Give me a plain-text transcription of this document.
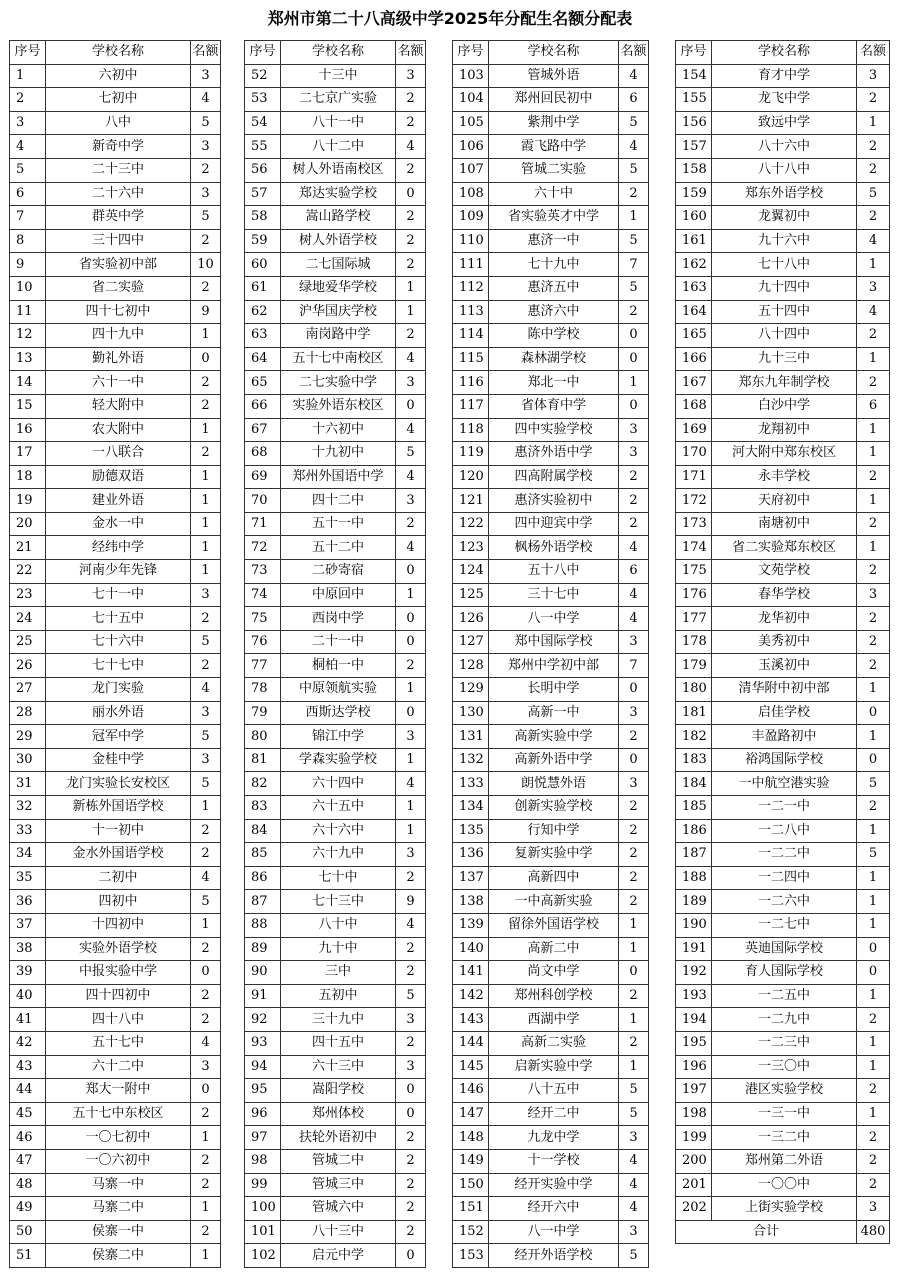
郑州市第二十八高级中学2025年分配生名额分配表
序号	学校名称	名额
1	六初中	3
2	七初中	4
3	八中	5
4	新奇中学	3
5	二十三中	2
6	二十六中	3
7	群英中学	5
8	三十四中	2
9	省实验初中部	10
10	省二实验	2
11	四十七初中	9
12	四十九中	1
13	勤礼外语	0
14	六十一中	2
15	轻大附中	2
16	农大附中	1
17	一八联合	2
18	励德双语	1
19	建业外语	1
20	金水一中	1
21	经纬中学	1
22	河南少年先锋	1
23	七十一中	3
24	七十五中	2
25	七十六中	5
26	七十七中	2
27	龙门实验	4
28	丽水外语	3
29	冠军中学	5
30	金桂中学	3
31	龙门实验长安校区	5
32	新栋外国语学校	1
33	十一初中	2
34	金水外国语学校	2
35	二初中	4
36	四初中	5
37	十四初中	1
38	实验外语学校	2
39	中报实验中学	0
40	四十四初中	2
41	四十八中	2
42	五十七中	4
43	六十二中	3
44	郑大一附中	0
45	五十七中东校区	2
46	一〇七初中	1
47	一〇六初中	2
48	马寨一中	2
49	马寨二中	1
50	侯寨一中	2
51	侯寨二中	1
序号	学校名称	名额
52	十三中	3
53	二七京广实验	2
54	八十一中	2
55	八十二中	4
56	树人外语南校区	2
57	郑达实验学校	0
58	嵩山路学校	2
59	树人外语学校	2
60	二七国际城	2
61	绿地爱华学校	1
62	沪华国庆学校	1
63	南岗路中学	2
64	五十七中南校区	4
65	二七实验中学	3
66	实验外语东校区	0
67	十六初中	4
68	十九初中	5
69	郑州外国语中学	4
70	四十二中	3
71	五十一中	2
72	五十二中	4
73	二砂寄宿	0
74	中原回中	1
75	西岗中学	0
76	二十一中	0
77	桐柏一中	2
78	中原领航实验	1
79	西斯达学校	0
80	锦江中学	3
81	学森实验学校	1
82	六十四中	4
83	六十五中	1
84	六十六中	1
85	六十九中	3
86	七十中	2
87	七十三中	9
88	八十中	4
89	九十中	2
90	三中	2
91	五初中	5
92	三十九中	3
93	四十五中	2
94	六十三中	3
95	嵩阳学校	0
96	郑州体校	0
97	扶轮外语初中	2
98	管城二中	2
99	管城三中	2
100	管城六中	2
101	八十三中	2
102	启元中学	0
序号	学校名称	名额
103	管城外语	4
104	郑州回民初中	6
105	紫荆中学	5
106	霞飞路中学	4
107	管城二实验	5
108	六十中	2
109	省实验英才中学	1
110	惠济一中	5
111	七十九中	7
112	惠济五中	5
113	惠济六中	2
114	陈中学校	0
115	森林湖学校	0
116	郑北一中	1
117	省体育中学	0
118	四中实验学校	3
119	惠济外语中学	3
120	四高附属学校	2
121	惠济实验初中	2
122	四中迎宾中学	2
123	枫杨外语学校	4
124	五十八中	6
125	三十七中	4
126	八一中学	4
127	郑中国际学校	3
128	郑州中学初中部	7
129	长明中学	0
130	高新一中	3
131	高新实验中学	2
132	高新外语中学	0
133	朗悦慧外语	3
134	创新实验学校	2
135	行知中学	2
136	复新实验中学	2
137	高新四中	2
138	一中高新实验	2
139	留徐外国语学校	1
140	高新二中	1
141	尚文中学	0
142	郑州科创学校	2
143	西湖中学	1
144	高新二实验	2
145	启新实验中学	1
146	八十五中	5
147	经开二中	5
148	九龙中学	3
149	十一学校	4
150	经开实验中学	4
151	经开六中	4
152	八一中学	3
153	经开外语学校	5
序号	学校名称	名额
154	育才中学	3
155	龙飞中学	2
156	致远中学	1
157	八十六中	2
158	八十八中	2
159	郑东外语学校	5
160	龙翼初中	2
161	九十六中	4
162	七十八中	1
163	九十四中	3
164	五十四中	4
165	八十四中	2
166	九十三中	1
167	郑东九年制学校	2
168	白沙中学	6
169	龙翔初中	1
170	河大附中郑东校区	1
171	永丰学校	2
172	天府初中	1
173	南塘初中	2
174	省二实验郑东校区	1
175	文苑学校	2
176	春华学校	3
177	龙华初中	2
178	美秀初中	2
179	玉溪初中	2
180	清华附中初中部	1
181	启佳学校	0
182	丰盈路初中	1
183	裕鸿国际学校	0
184	一中航空港实验	5
185	一二一中	2
186	一二八中	1
187	一二二中	5
188	一二四中	1
189	一二六中	1
190	一二七中	1
191	英迪国际学校	0
192	育人国际学校	0
193	一二五中	1
194	一二九中	2
195	一二三中	1
196	一三〇中	1
197	港区实验学校	2
198	一三一中	1
199	一三二中	2
200	郑州第二外语	2
201	一〇〇中	2
202	上街实验学校	3
合计		480
